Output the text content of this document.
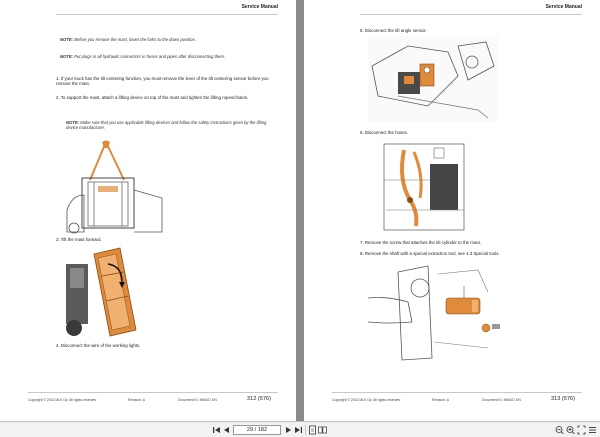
Service Manual
NOTE: Before you remove the mast, lower the forks to the down position.
NOTE: Put plugs in all hydraulic connectors in hoses and pipes after disconnecting them.
1. If your truck has the tilt centering function, you must remove the lever of the tilt centering sensor before you remove the mast.
2. To support the mast, attach a lifting device on top of the mast and tighten the lifting ropes/chains.
NOTE: Make sure that you use applicable lifting devices and follow the safety instructions given by the lifting device manufacturer.
3. Tilt the mast forward.
4. Disconnect the wire of the working lights.
Copyright © 2021 MLE Oy. All rights reserved	Revision: A	Document ID: MM267-EN	312 (576)
Service Manual
5. Disconnect the tilt angle sensor.
6. Disconnect the hoses.
7. Remove the screw that attaches the tilt cylinder to the mast.
8. Remove the shaft with a special extraction tool, see 4.3 Special tools.
Copyright © 2021 MLE Oy. All rights reserved	Revision: A	Document ID: MM267-EN	313 (576)
29 / 182
